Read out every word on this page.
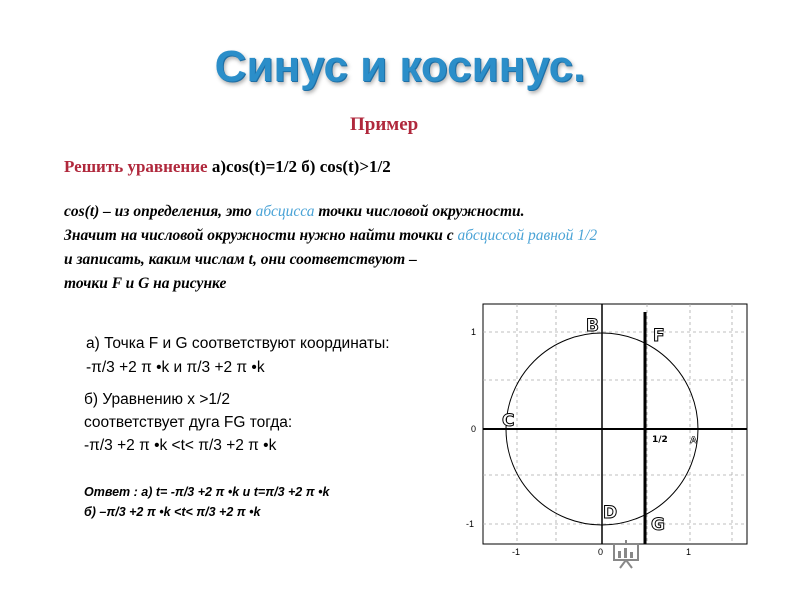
Синус и косинус.
Пример
Решить уравнение а)cos(t)=1/2 б) cos(t)>1/2
cos(t) – из определения, это абсцисса точки числовой окружности.
Значит на числовой окружности нужно найти точки с абсциссой равной 1/2
и записать, каким числам t, они соответствуют –
точки F и G на рисунке
а) Точка F и G соответствуют координаты:
-π/3 +2 π •k и π/3 +2 π •k
б) Уравнению x >1/2
соответствует дуга FG тогда:
-π/3 +2 π •k <t< π/3 +2 π •k
Ответ : а) t= -π/3 +2 π •k и t=π/3 +2 π •k
б) –π/3 +2 π •k <t< π/3 +2 π •k
1
0
-1
-1	0	1
B	F
C
A
D
G
1/2
